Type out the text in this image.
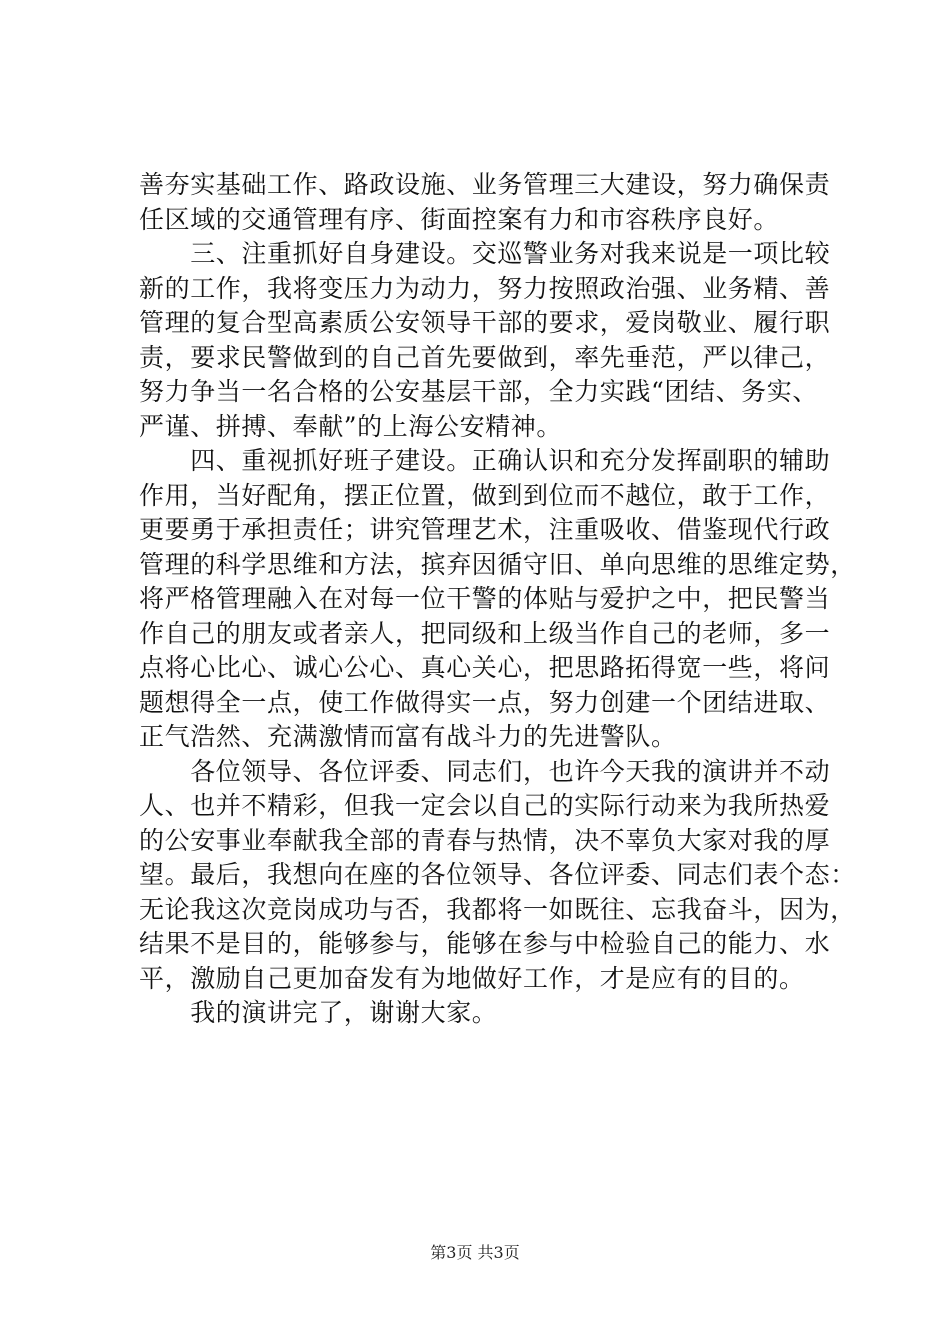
善夯实基础工作、路政设施、业务管理三大建设，努力确保责
任区域的交通管理有序、街面控案有力和市容秩序良好。
　　三、注重抓好自身建设。交巡警业务对我来说是一项比较
新的工作，我将变压力为动力，努力按照政治强、业务精、善
管理的复合型高素质公安领导干部的要求，爱岗敬业、履行职
责，要求民警做到的自己首先要做到，率先垂范，严以律己，
努力争当一名合格的公安基层干部，全力实践“团结、务实、
严谨、拼搏、奉献”的上海公安精神。
　　四、重视抓好班子建设。正确认识和充分发挥副职的辅助
作用，当好配角，摆正位置，做到到位而不越位，敢于工作，
更要勇于承担责任；讲究管理艺术，注重吸收、借鉴现代行政
管理的科学思维和方法，摈弃因循守旧、单向思维的思维定势，
将严格管理融入在对每一位干警的体贴与爱护之中，把民警当
作自己的朋友或者亲人，把同级和上级当作自己的老师，多一
点将心比心、诚心公心、真心关心，把思路拓得宽一些，将问
题想得全一点，使工作做得实一点，努力创建一个团结进取、
正气浩然、充满激情而富有战斗力的先进警队。
　　各位领导、各位评委、同志们，也许今天我的演讲并不动
人、也并不精彩，但我一定会以自己的实际行动来为我所热爱
的公安事业奉献我全部的青春与热情，决不辜负大家对我的厚
望。最后，我想向在座的各位领导、各位评委、同志们表个态：
无论我这次竞岗成功与否，我都将一如既往、忘我奋斗，因为，
结果不是目的，能够参与，能够在参与中检验自己的能力、水
平，激励自己更加奋发有为地做好工作，才是应有的目的。
　　我的演讲完了，谢谢大家。
第3页 共3页
